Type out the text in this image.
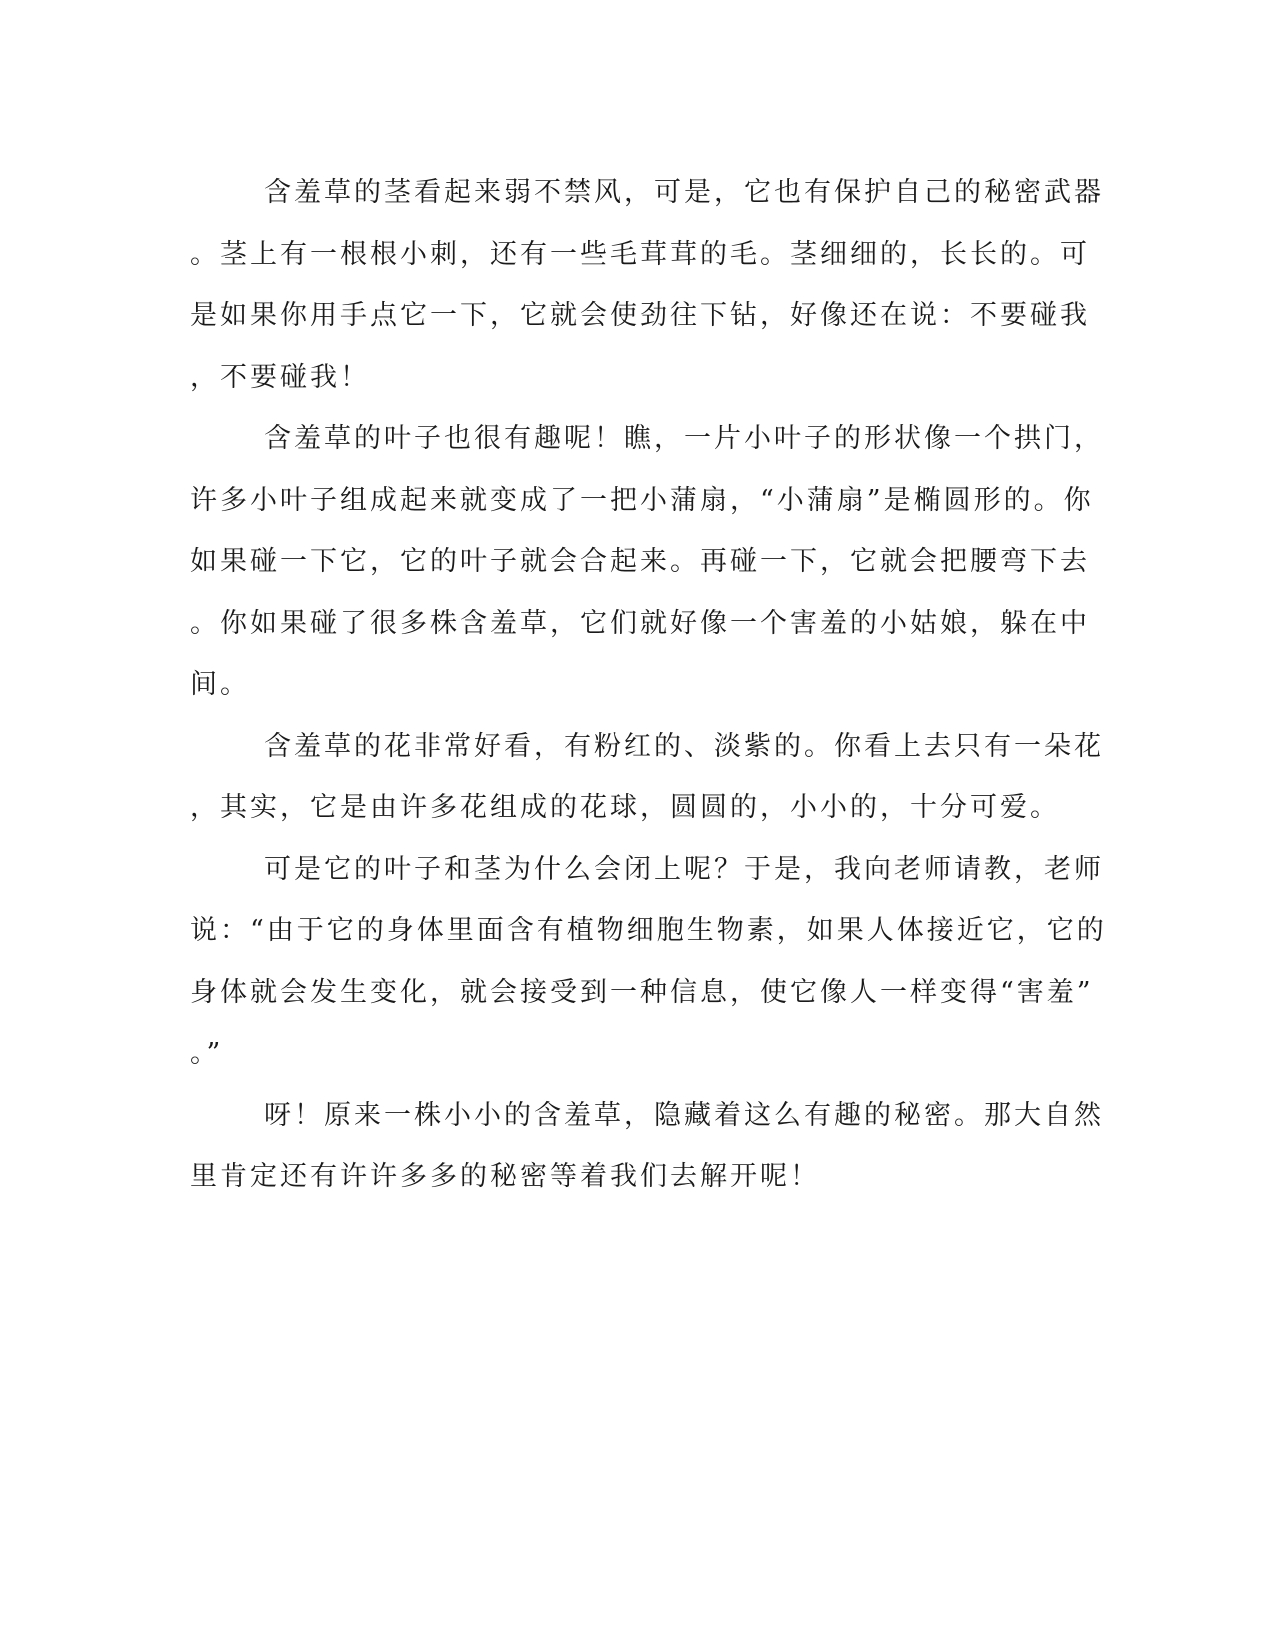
含羞草的茎看起来弱不禁风，可是，它也有保护自己的秘密武器
。茎上有一根根小刺，还有一些毛茸茸的毛。茎细细的，长长的。可
是如果你用手点它一下，它就会使劲往下钻，好像还在说：不要碰我
，不要碰我！
含羞草的叶子也很有趣呢！瞧，一片小叶子的形状像一个拱门，
许多小叶子组成起来就变成了一把小蒲扇，“小蒲扇”是椭圆形的。你
如果碰一下它，它的叶子就会合起来。再碰一下，它就会把腰弯下去
。你如果碰了很多株含羞草，它们就好像一个害羞的小姑娘，躲在中
间。
含羞草的花非常好看，有粉红的、淡紫的。你看上去只有一朵花
，其实，它是由许多花组成的花球，圆圆的，小小的，十分可爱。
可是它的叶子和茎为什么会闭上呢？于是，我向老师请教，老师
说：“由于它的身体里面含有植物细胞生物素，如果人体接近它，它的
身体就会发生变化，就会接受到一种信息，使它像人一样变得“害羞”
。”
呀！原来一株小小的含羞草，隐藏着这么有趣的秘密。那大自然
里肯定还有许许多多的秘密等着我们去解开呢！
